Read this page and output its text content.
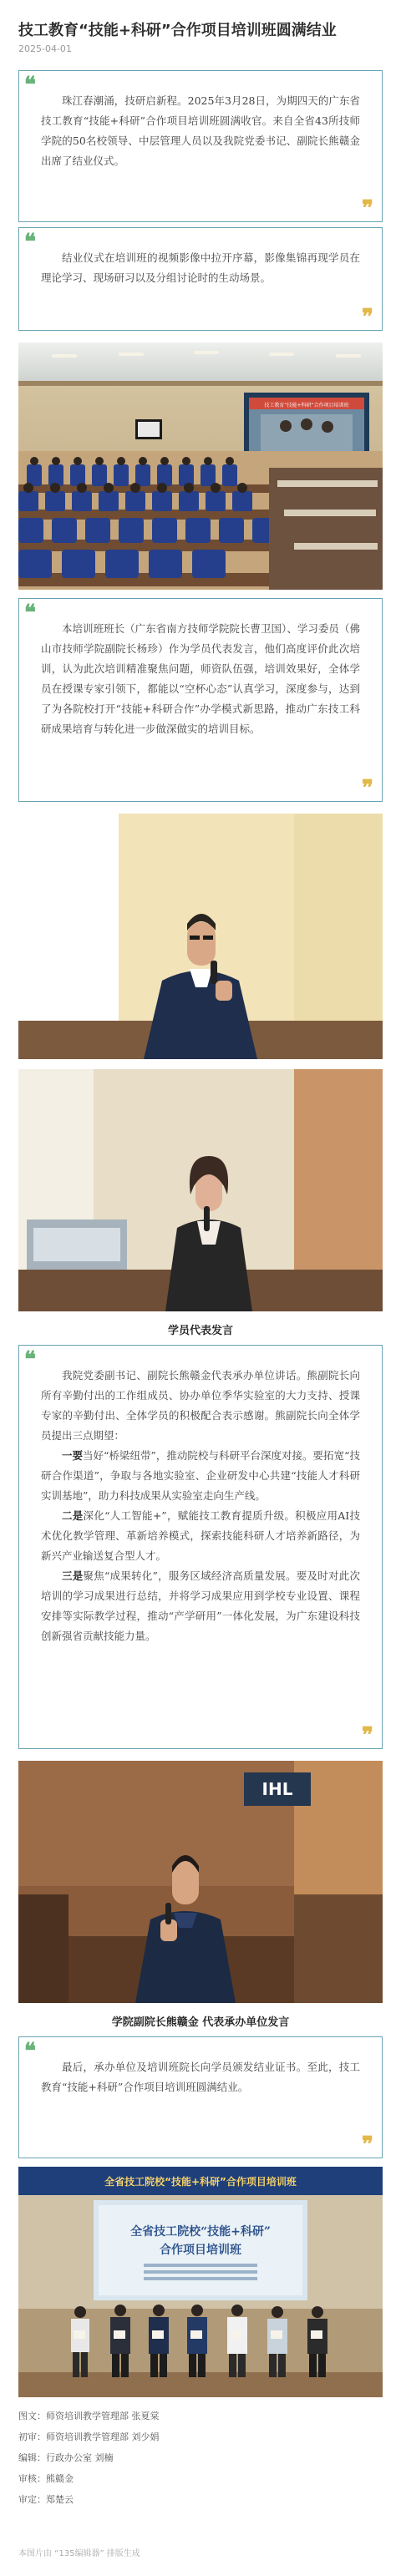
技工教育“技能+科研”合作项目培训班圆满结业
2025-04-01
❝

珠江春潮涌，技研启新程。2025年3月28日，为期四天的广东省技工教育“技能+科研”合作项目培训班圆满收官。来自全省43所技师学院的50名校领导、中层管理人员以及我院党委书记、副院长熊赣金出席了结业仪式。

❞
❝

结业仪式在培训班的视频影像中拉开序幕，影像集锦再现学员在理论学习、现场研习以及分组讨论时的生动场景。

❞
技工教育“技能+科研”合作项目培训班
❝

本培训班班长（广东省南方技师学院院长曹卫国）、学习委员（佛山市技师学院副院长杨珍）作为学员代表发言，他们高度评价此次培训，认为此次培训精准聚焦问题，师资队伍强，培训效果好，全体学员在授课专家引领下，都能以“空杯心态”认真学习，深度参与，达到了为各院校打开“技能+科研合作”办学模式新思路，推动广东技工科研成果培育与转化进一步做深做实的培训目标。

❞
学员代表发言
❝

我院党委副书记、副院长熊赣金代表承办单位讲话。熊副院长向所有辛勤付出的工作组成员、协办单位季华实验室的大力支持、授课专家的辛勤付出、全体学员的积极配合表示感谢。熊副院长向全体学员提出三点期望：

一要当好“桥梁纽带”，推动院校与科研平台深度对接。要拓宽“技研合作渠道”，争取与各地实验室、企业研发中心共建“技能人才科研实训基地”，助力科技成果从实验室走向生产线。

二是深化“人工智能+”，赋能技工教育提质升级。积极应用AI技术优化教学管理、革新培养模式，探索技能科研人才培养新路径，为新兴产业输送复合型人才。

三是聚焦“成果转化”，服务区域经济高质量发展。要及时对此次培训的学习成果进行总结，并将学习成果应用到学校专业设置、课程安排等实际教学过程，推动“产学研用”一体化发展，为广东建设科技创新强省贡献技能力量。

❞
IHL
学院副院长熊赣金 代表承办单位发言
❝

最后，承办单位及培训班院长向学员颁发结业证书。至此，技工教育“技能+科研”合作项目培训班圆满结业。

❞
全省技工院校“技能+科研”合作项目培训班
全省技工院校“技能+科研”
合作项目培训班
图文：师资培训教学管理部 张夏棠
初审：师资培训教学管理部 刘少娟
编辑：行政办公室 刘楠
审核：熊赣金
审定：郑楚云
本图片由 “135编辑器” 排版生成
